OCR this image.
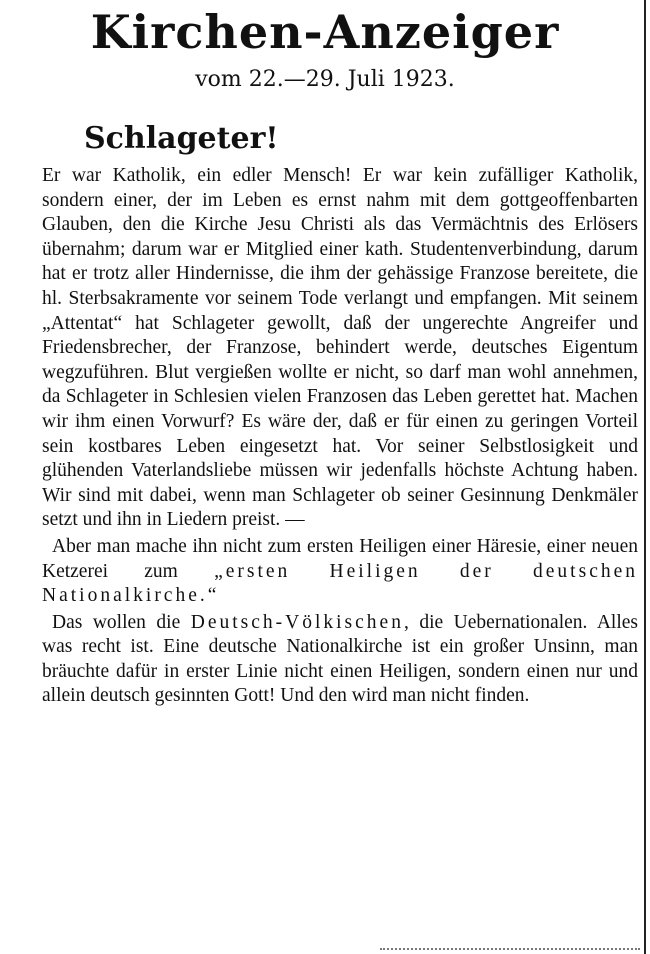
Kirchen-Anzeiger
vom 22.—29. Juli 1923.
Schlageter!

Er war Katholik, ein edler Mensch! Er war kein zufälliger Katholik, sondern einer, der im Leben es ernst nahm mit dem gottgeoffenbarten Glauben, den die Kirche Jesu Christi als das Vermächtnis des Erlösers übernahm; darum war er Mitglied einer kath. Studentenverbindung, darum hat er trotz aller Hindernisse, die ihm der gehässige Franzose bereitete, die hl. Sterbsakramente vor seinem Tode verlangt und empfangen. Mit seinem „Attentat“ hat Schlageter gewollt, daß der ungerechte Angreifer und Friedensbrecher, der Franzose, behindert werde, deutsches Eigentum wegzuführen. Blut vergießen wollte er nicht, so darf man wohl annehmen, da Schlageter in Schlesien vielen Franzosen das Leben gerettet hat. Machen wir ihm einen Vorwurf? Es wäre der, daß er für einen zu geringen Vorteil sein kostbares Leben eingesetzt hat. Vor seiner Selbstlosigkeit und glühenden Vaterlandsliebe müssen wir jedenfalls höchste Achtung haben. Wir sind mit dabei, wenn man Schlageter ob seiner Gesinnung Denkmäler setzt und ihn in Liedern preist. —

Aber man mache ihn nicht zum ersten Heiligen einer Häresie, einer neuen Ketzerei zum „ersten Heiligen der deutschen Nationalkirche.“

Das wollen die Deutsch-Völkischen, die Uebernationalen. Alles was recht ist. Eine deutsche Nationalkirche ist ein großer Unsinn, man bräuchte dafür in erster Linie nicht einen Heiligen, sondern einen nur und allein deutsch gesinnten Gott! Und den wird man nicht finden.
